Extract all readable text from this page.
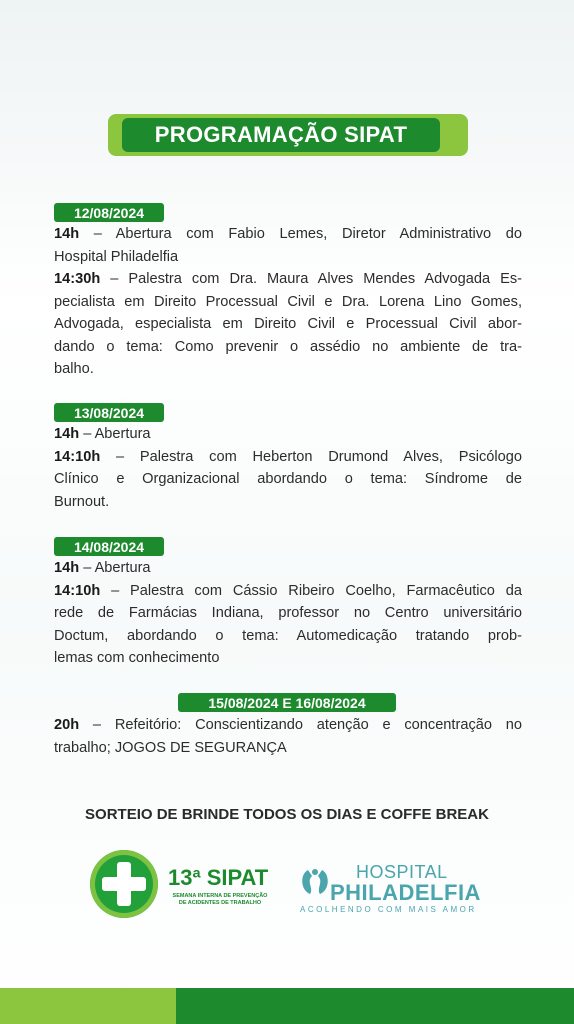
PROGRAMAÇÃO SIPAT
12/08/2024
14h – Abertura com Fabio Lemes, Diretor Administrativo do
Hospital Philadelfia
14:30h – Palestra com Dra. Maura Alves Mendes Advogada Es-
pecialista em Direito Processual Civil e Dra. Lorena Lino Gomes,
Advogada, especialista em Direito Civil e Processual Civil abor-
dando o tema: Como prevenir o assédio no ambiente de tra-
balho.
13/08/2024
14h – Abertura
14:10h – Palestra com Heberton Drumond Alves, Psicólogo
Clínico e Organizacional abordando o tema: Síndrome de
Burnout.
14/08/2024
14h – Abertura
14:10h – Palestra com Cássio Ribeiro Coelho, Farmacêutico da
rede de Farmácias Indiana, professor no Centro universitário
Doctum, abordando o tema: Automedicação tratando prob-
lemas com conhecimento
15/08/2024 E 16/08/2024
20h – Refeitório: Conscientizando atenção e concentração no
trabalho; JOGOS DE SEGURANÇA
SORTEIO DE BRINDE TODOS OS DIAS E COFFE BREAK
13ª SIPAT
SEMANA INTERNA DE PREVENÇÃO DE ACIDENTES DE TRABALHO
HOSPITAL
PHILADELFIA
ACOLHENDO COM MAIS AMOR
